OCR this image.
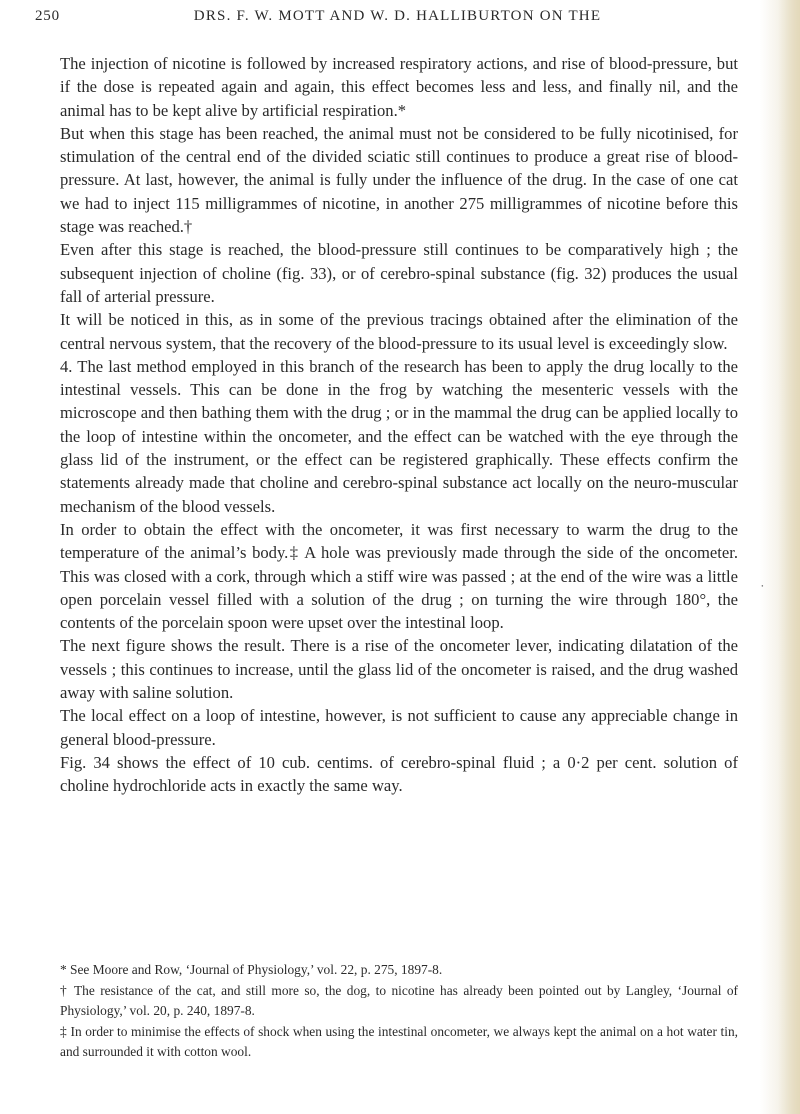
250	DRS. F. W. MOTT AND W. D. HALLIBURTON ON THE

The injection of nicotine is followed by increased respiratory actions, and rise of blood-pressure, but if the dose is repeated again and again, this effect becomes less and less, and finally nil, and the animal has to be kept alive by artificial respiration.*

But when this stage has been reached, the animal must not be considered to be fully nicotinised, for stimulation of the central end of the divided sciatic still continues to produce a great rise of blood-pressure. At last, however, the animal is fully under the influence of the drug. In the case of one cat we had to inject 115 milligrammes of nicotine, in another 275 milligrammes of nicotine before this stage was reached.†

Even after this stage is reached, the blood-pressure still continues to be comparatively high ; the subsequent injection of choline (fig. 33), or of cerebro-spinal substance (fig. 32) produces the usual fall of arterial pressure.

It will be noticed in this, as in some of the previous tracings obtained after the elimination of the central nervous system, that the recovery of the blood-pressure to its usual level is exceedingly slow.

4. The last method employed in this branch of the research has been to apply the drug locally to the intestinal vessels. This can be done in the frog by watching the mesenteric vessels with the microscope and then bathing them with the drug ; or in the mammal the drug can be applied locally to the loop of intestine within the oncometer, and the effect can be watched with the eye through the glass lid of the instrument, or the effect can be registered graphically. These effects confirm the statements already made that choline and cerebro-spinal substance act locally on the neuro-muscular mechanism of the blood vessels.

In order to obtain the effect with the oncometer, it was first necessary to warm the drug to the temperature of the animal’s body.‡ A hole was previously made through the side of the oncometer. This was closed with a cork, through which a stiff wire was passed ; at the end of the wire was a little open porcelain vessel filled with a solution of the drug ; on turning the wire through 180°, the contents of the porcelain spoon were upset over the intestinal loop.

The next figure shows the result. There is a rise of the oncometer lever, indicating dilatation of the vessels ; this continues to increase, until the glass lid of the oncometer is raised, and the drug washed away with saline solution.

The local effect on a loop of intestine, however, is not sufficient to cause any appreciable change in general blood-pressure.

Fig. 34 shows the effect of 10 cub. centims. of cerebro-spinal fluid ; a 0·2 per cent. solution of choline hydrochloride acts in exactly the same way.

* See Moore and Row, ‘Journal of Physiology,’ vol. 22, p. 275, 1897-8.

† The resistance of the cat, and still more so, the dog, to nicotine has already been pointed out by Langley, ‘Journal of Physiology,’ vol. 20, p. 240, 1897-8.

‡ In order to minimise the effects of shock when using the intestinal oncometer, we always kept the animal on a hot water tin, and surrounded it with cotton wool.

⸳
